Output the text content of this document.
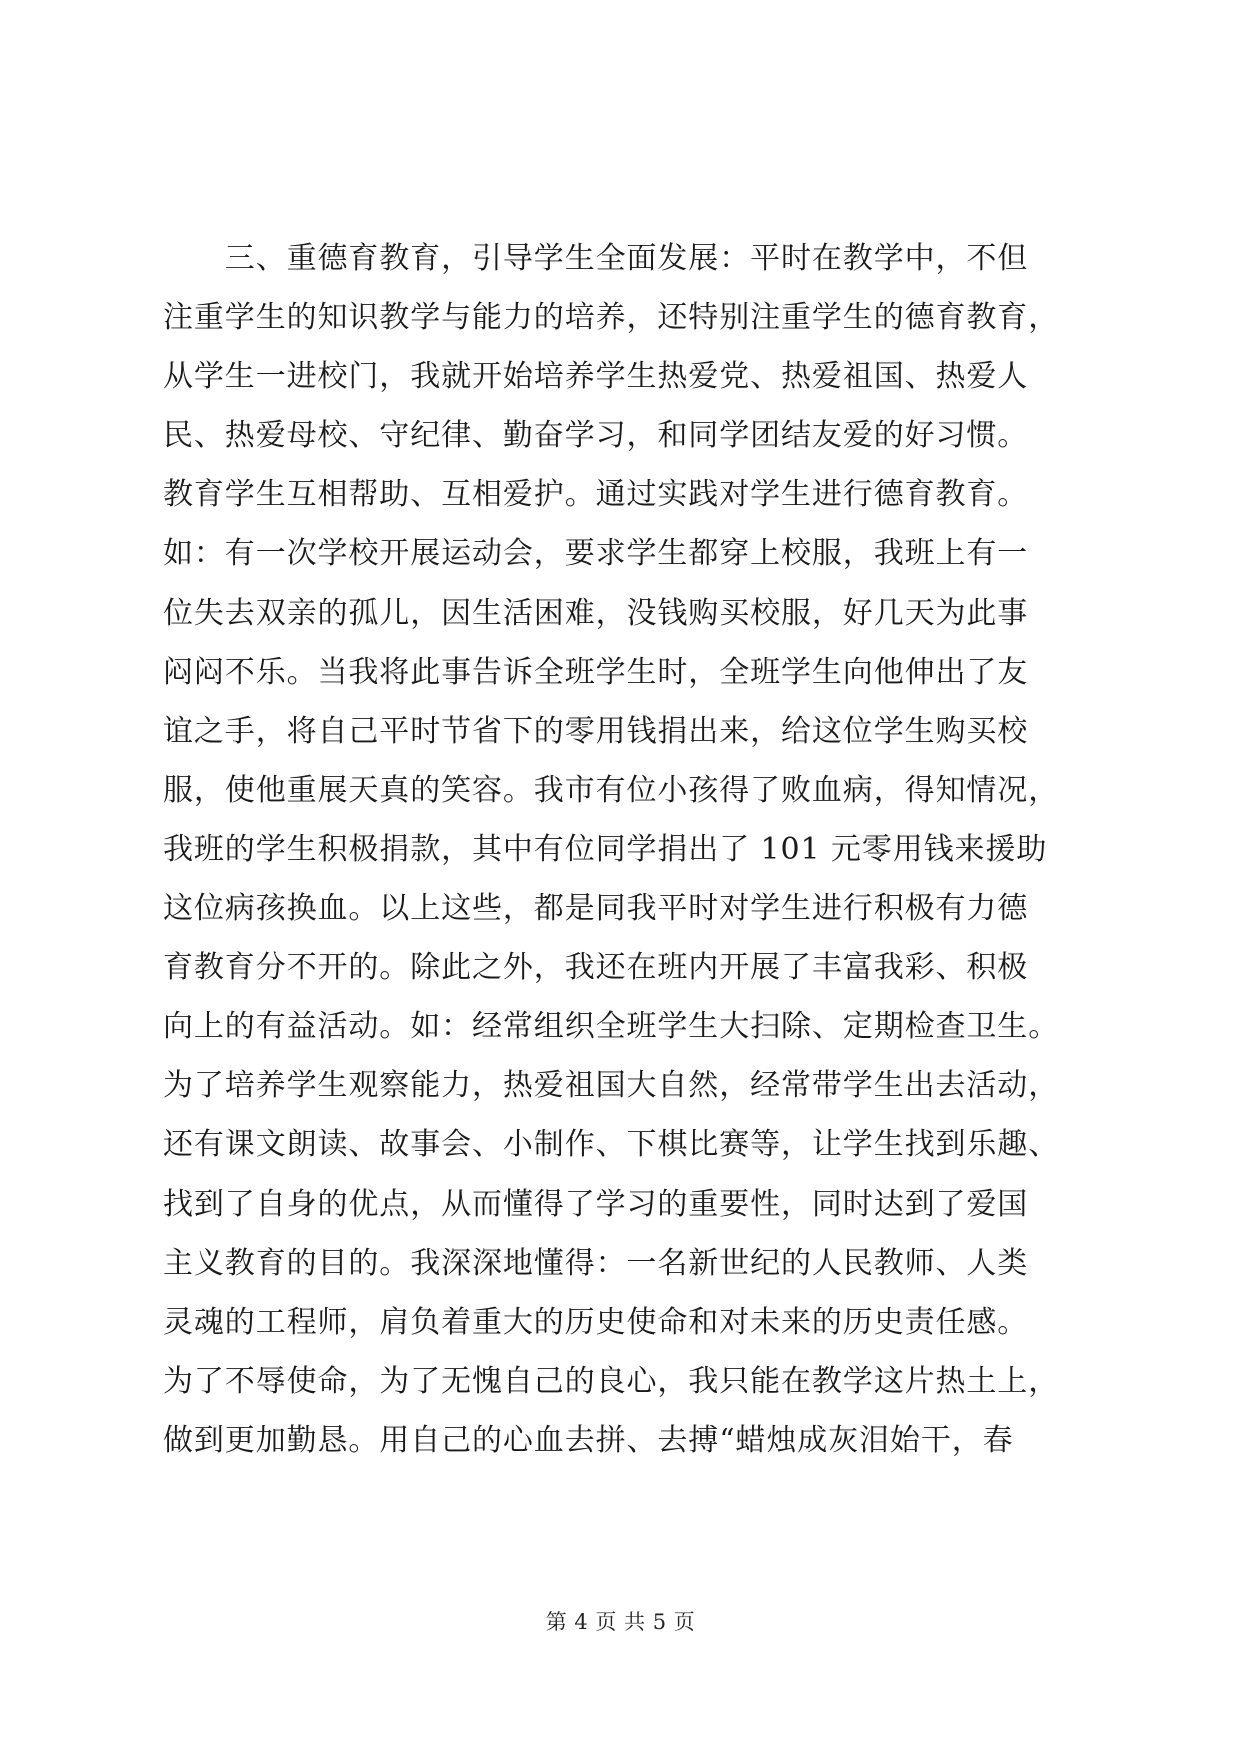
　　三、重德育教育，引导学生全面发展：平时在教学中，不但
注重学生的知识教学与能力的培养，还特别注重学生的德育教育，
从学生一进校门，我就开始培养学生热爱党、热爱祖国、热爱人
民、热爱母校、守纪律、勤奋学习，和同学团结友爱的好习惯。
教育学生互相帮助、互相爱护。通过实践对学生进行德育教育。
如：有一次学校开展运动会，要求学生都穿上校服，我班上有一
位失去双亲的孤儿，因生活困难，没钱购买校服，好几天为此事
闷闷不乐。当我将此事告诉全班学生时，全班学生向他伸出了友
谊之手，将自己平时节省下的零用钱捐出来，给这位学生购买校
服，使他重展天真的笑容。我市有位小孩得了败血病，得知情况，
我班的学生积极捐款，其中有位同学捐出了 101 元零用钱来援助
这位病孩换血。以上这些，都是同我平时对学生进行积极有力德
育教育分不开的。除此之外，我还在班内开展了丰富我彩、积极
向上的有益活动。如：经常组织全班学生大扫除、定期检查卫生。
为了培养学生观察能力，热爱祖国大自然，经常带学生出去活动，
还有课文朗读、故事会、小制作、下棋比赛等，让学生找到乐趣、
找到了自身的优点，从而懂得了学习的重要性，同时达到了爱国
主义教育的目的。我深深地懂得：一名新世纪的人民教师、人类
灵魂的工程师，肩负着重大的历史使命和对未来的历史责任感。
为了不辱使命，为了无愧自己的良心，我只能在教学这片热土上，
做到更加勤恳。用自己的心血去拼、去搏“蜡烛成灰泪始干，春
第 4 页 共 5 页
